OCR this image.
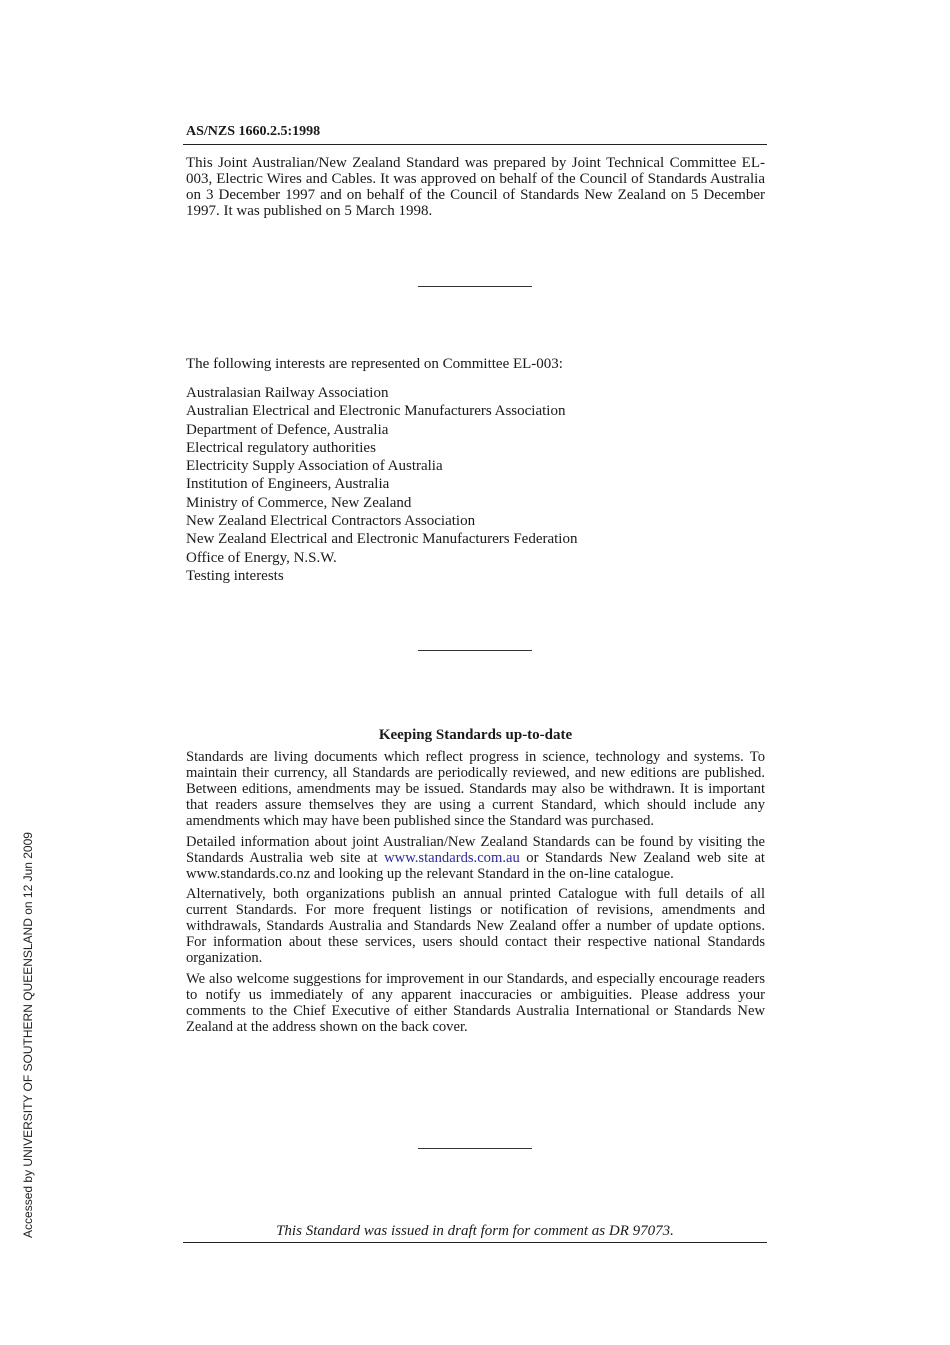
AS/NZS 1660.2.5:1998
This Joint Australian/New Zealand Standard was prepared by Joint Technical Committee EL-003, Electric Wires and Cables. It was approved on behalf of the Council of Standards Australia on 3 December 1997 and on behalf of the Council of Standards New Zealand on 5 December 1997. It was published on 5 March 1998.
The following interests are represented on Committee EL-003:
Australasian Railway Association
Australian Electrical and Electronic Manufacturers Association
Department of Defence, Australia
Electrical regulatory authorities
Electricity Supply Association of Australia
Institution of Engineers, Australia
Ministry of Commerce, New Zealand
New Zealand Electrical Contractors Association
New Zealand Electrical and Electronic Manufacturers Federation
Office of Energy, N.S.W.
Testing interests
Keeping Standards up-to-date

Standards are living documents which reflect progress in science, technology and systems. To maintain their currency, all Standards are periodically reviewed, and new editions are published. Between editions, amendments may be issued. Standards may also be withdrawn. It is important that readers assure themselves they are using a current Standard, which should include any amendments which may have been published since the Standard was purchased.

Detailed information about joint Australian/New Zealand Standards can be found by visiting the Standards Australia web site at www.standards.com.au or Standards New Zealand web site at www.standards.co.nz and looking up the relevant Standard in the on-line catalogue.

Alternatively, both organizations publish an annual printed Catalogue with full details of all current Standards. For more frequent listings or notification of revisions, amendments and withdrawals, Standards Australia and Standards New Zealand offer a number of update options. For information about these services, users should contact their respective national Standards organization.

We also welcome suggestions for improvement in our Standards, and especially encourage readers to notify us immediately of any apparent inaccuracies or ambiguities. Please address your comments to the Chief Executive of either Standards Australia International or Standards New Zealand at the address shown on the back cover.

This Standard was issued in draft form for comment as DR 97073.
Accessed by UNIVERSITY OF SOUTHERN QUEENSLAND on 12 Jun 2009
